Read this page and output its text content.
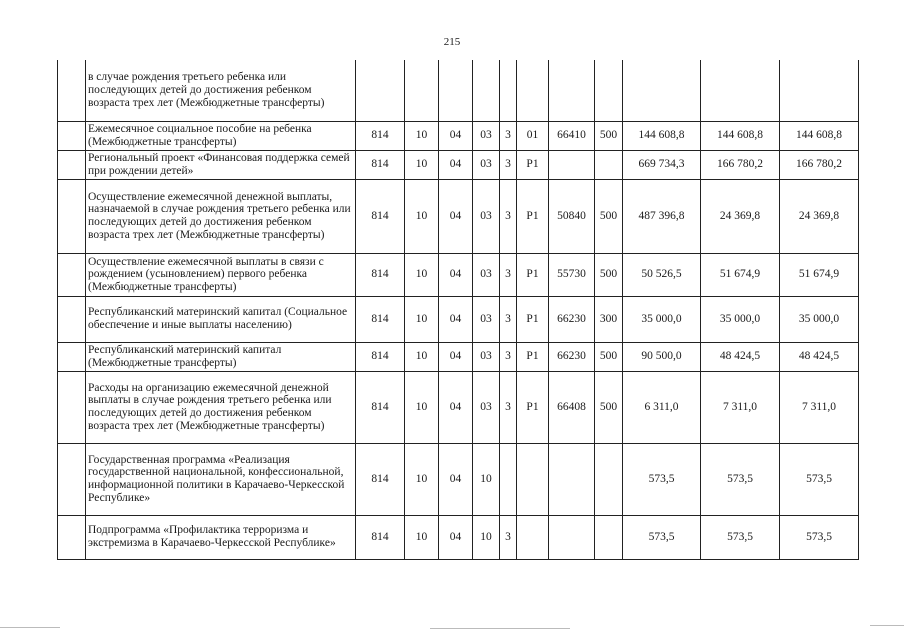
215
	в случае рождения третьего ребенка или последующих детей до достижения ребенком возраста трех лет (Межбюджетные трансферты)											
	Ежемесячное социальное пособие на ребенка (Межбюджетные трансферты)	814	10	04	03	3	01	66410	500	144 608,8	144 608,8	144 608,8
	Региональный проект «Финансовая поддержка семей при рождении детей»	814	10	04	03	3	P1			669 734,3	166 780,2	166 780,2
	Осуществление ежемесячной денежной выплаты, назначаемой в случае рождения третьего ребенка или последующих детей до достижения ребенком возраста трех лет (Межбюджетные трансферты)	814	10	04	03	3	P1	50840	500	487 396,8	24 369,8	24 369,8
	Осуществление ежемесячной выплаты в связи с рождением (усыновлением) первого ребенка (Межбюджетные трансферты)	814	10	04	03	3	P1	55730	500	50 526,5	51 674,9	51 674,9
	Республиканский материнский капитал (Социальное обеспечение и иные выплаты населению)	814	10	04	03	3	P1	66230	300	35 000,0	35 000,0	35 000,0
	Республиканский материнский капитал (Межбюджетные трансферты)	814	10	04	03	3	P1	66230	500	90 500,0	48 424,5	48 424,5
	Расходы на организацию ежемесячной денежной выплаты в случае рождения третьего ребенка или последующих детей до достижения ребенком возраста трех лет (Межбюджетные трансферты)	814	10	04	03	3	P1	66408	500	6 311,0	7 311,0	7 311,0
	Государственная программа «Реализация государственной национальной, конфессиональной, информационной политики в Карачаево-Черкесской Республике»	814	10	04	10					573,5	573,5	573,5
	Подпрограмма «Профилактика терроризма и экстремизма в Карачаево-Черкесской Республике»	814	10	04	10	3				573,5	573,5	573,5
